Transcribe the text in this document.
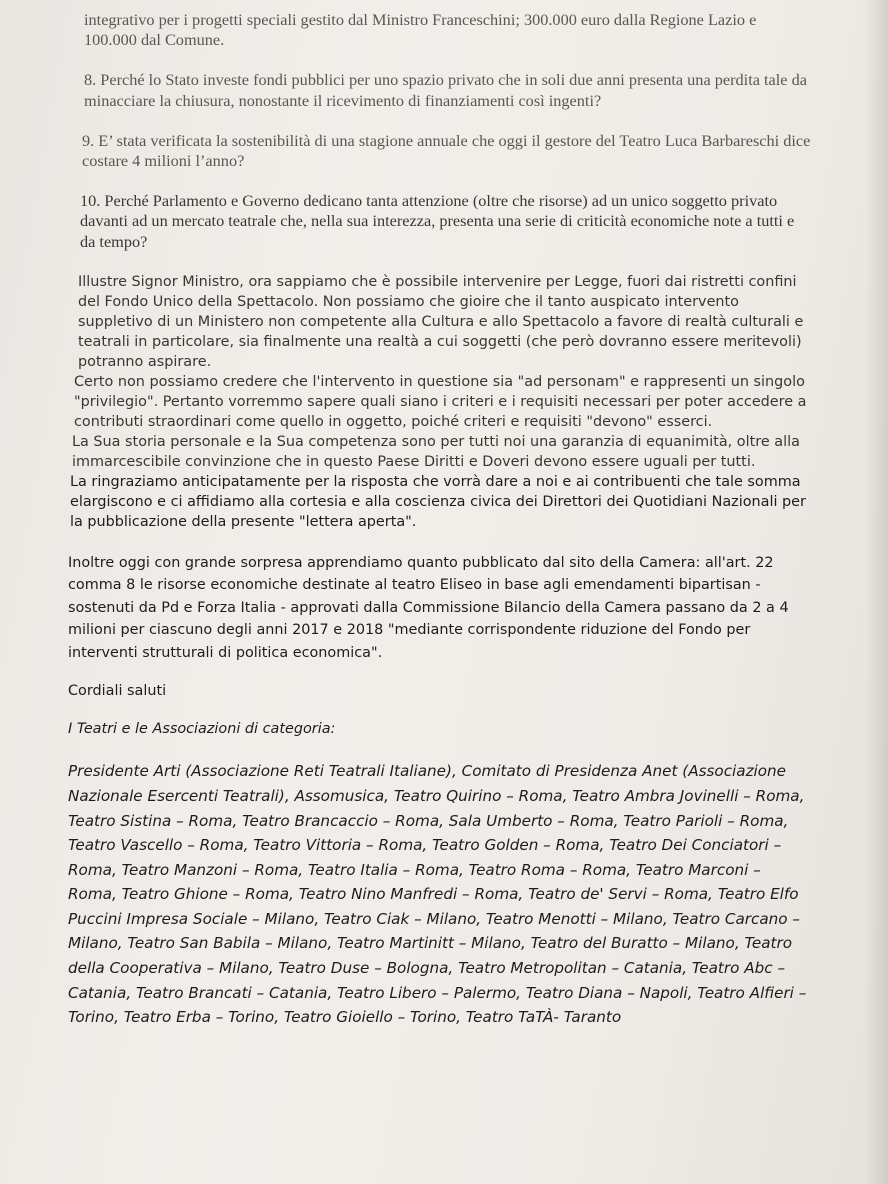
integrativo per i progetti speciali gestito dal Ministro Franceschini; 300.000 euro dalla Regione Lazio e 100.000 dal Comune.

8. Perché lo Stato investe fondi pubblici per uno spazio privato che in soli due anni presenta una perdita tale da minacciare la chiusura, nonostante il ricevimento di finanziamenti così ingenti?

9. E’ stata verificata la sostenibilità di una stagione annuale che oggi il gestore del Teatro Luca Barbareschi dice costare 4 milioni l’anno?

10. Perché Parlamento e Governo dedicano tanta attenzione (oltre che risorse) ad un unico soggetto privato davanti ad un mercato teatrale che, nella sua interezza, presenta una serie di criticità economiche note a tutti e da tempo?

Illustre Signor Ministro, ora sappiamo che è possibile intervenire per Legge, fuori dai ristretti confini del Fondo Unico della Spettacolo. Non possiamo che gioire che il tanto auspicato intervento suppletivo di un Ministero non competente alla Cultura e allo Spettacolo a favore di realtà culturali e teatrali in particolare, sia finalmente una realtà a cui soggetti (che però dovranno essere meritevoli) potranno aspirare.

Certo non possiamo credere che l'intervento in questione sia "ad personam" e rappresenti un singolo "privilegio". Pertanto vorremmo sapere quali siano i criteri e i requisiti necessari per poter accedere a contributi straordinari come quello in oggetto, poiché criteri e requisiti "devono" esserci.

La Sua storia personale e la Sua competenza sono per tutti noi una garanzia di equanimità, oltre alla immarcescibile convinzione che in questo Paese Diritti e Doveri devono essere uguali per tutti.

La ringraziamo anticipatamente per la risposta che vorrà dare a noi e ai contribuenti che tale somma elargiscono e ci affidiamo alla cortesia e alla coscienza civica dei Direttori dei Quotidiani Nazionali per la pubblicazione della presente "lettera aperta".

Inoltre oggi con grande sorpresa apprendiamo quanto pubblicato dal sito della Camera: all'art. 22 comma 8 le risorse economiche destinate al teatro Eliseo in base agli emendamenti bipartisan - sostenuti da Pd e Forza Italia - approvati dalla Commissione Bilancio della Camera passano da 2 a 4 milioni per ciascuno degli anni 2017 e 2018 "mediante corrispondente riduzione del Fondo per interventi strutturali di politica economica".

Cordiali saluti

I Teatri e le Associazioni di categoria:

Presidente Arti (Associazione Reti Teatrali Italiane), Comitato di Presidenza Anet (Associazione Nazionale Esercenti Teatrali), Assomusica, Teatro Quirino – Roma, Teatro Ambra Jovinelli – Roma, Teatro Sistina – Roma, Teatro Brancaccio – Roma, Sala Umberto – Roma, Teatro Parioli – Roma, Teatro Vascello – Roma, Teatro Vittoria – Roma, Teatro Golden – Roma, Teatro Dei Conciatori – Roma, Teatro Manzoni – Roma, Teatro Italia – Roma, Teatro Roma – Roma, Teatro Marconi – Roma, Teatro Ghione – Roma, Teatro Nino Manfredi – Roma, Teatro de' Servi – Roma, Teatro Elfo Puccini Impresa Sociale – Milano, Teatro Ciak – Milano, Teatro Menotti – Milano, Teatro Carcano – Milano, Teatro San Babila – Milano, Teatro Martinitt – Milano, Teatro del Buratto – Milano, Teatro della Cooperativa – Milano, Teatro Duse – Bologna, Teatro Metropolitan – Catania, Teatro Abc – Catania, Teatro Brancati – Catania, Teatro Libero – Palermo, Teatro Diana – Napoli, Teatro Alfieri – Torino, Teatro Erba – Torino, Teatro Gioiello – Torino, Teatro TaTÀ- Taranto
